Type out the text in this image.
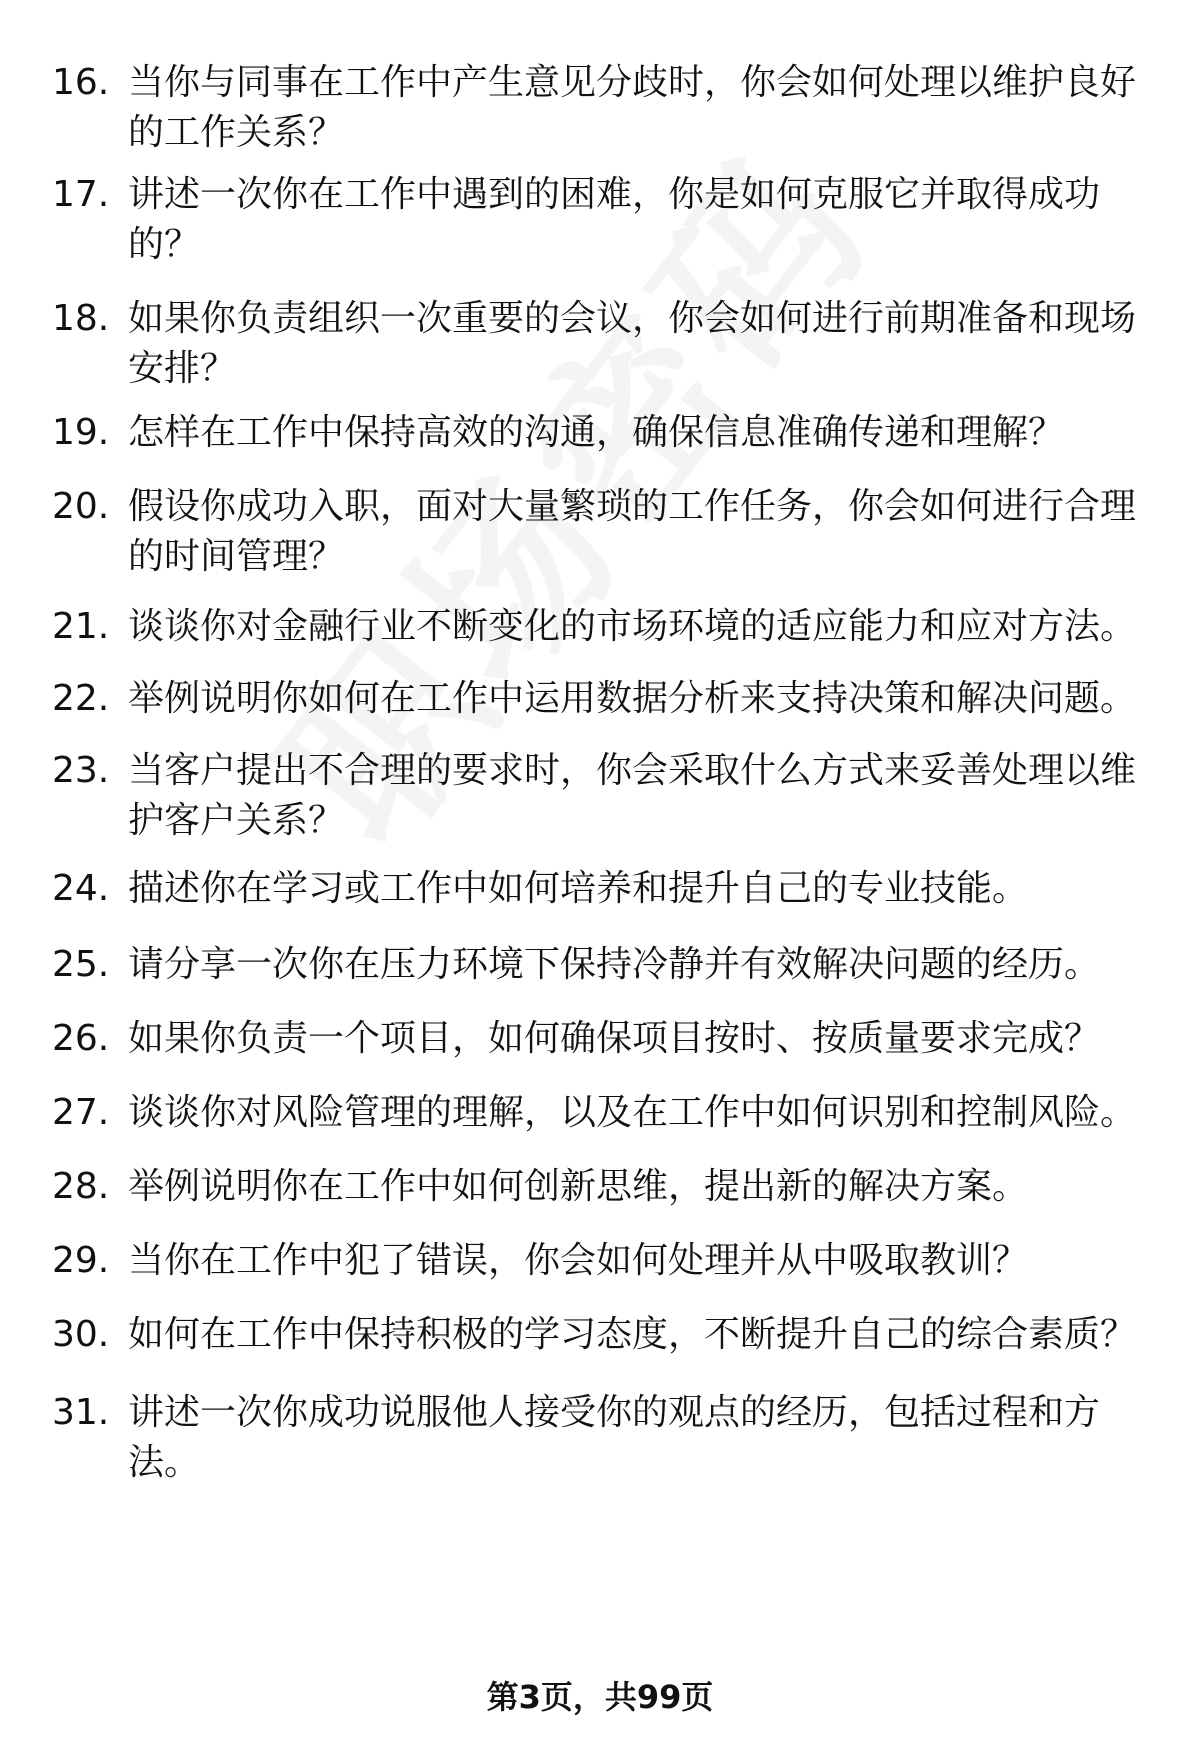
16. 当你与同事在工作中产生意见分歧时，你会如何处理以维护良好的工作关系？
17. 讲述一次你在工作中遇到的困难，你是如何克服它并取得成功的？
18. 如果你负责组织一次重要的会议，你会如何进行前期准备和现场安排？
19. 怎样在工作中保持高效的沟通，确保信息准确传递和理解？
20. 假设你成功入职，面对大量繁琐的工作任务，你会如何进行合理的时间管理？
21. 谈谈你对金融行业不断变化的市场环境的适应能力和应对方法。
22. 举例说明你如何在工作中运用数据分析来支持决策和解决问题。
23. 当客户提出不合理的要求时，你会采取什么方式来妥善处理以维护客户关系？
24. 描述你在学习或工作中如何培养和提升自己的专业技能。
25. 请分享一次你在压力环境下保持冷静并有效解决问题的经历。
26. 如果你负责一个项目，如何确保项目按时、按质量要求完成？
27. 谈谈你对风险管理的理解，以及在工作中如何识别和控制风险。
28. 举例说明你在工作中如何创新思维，提出新的解决方案。
29. 当你在工作中犯了错误，你会如何处理并从中吸取教训？
30. 如何在工作中保持积极的学习态度，不断提升自己的综合素质？
31. 讲述一次你成功说服他人接受你的观点的经历，包括过程和方法。
第3页，共99页
